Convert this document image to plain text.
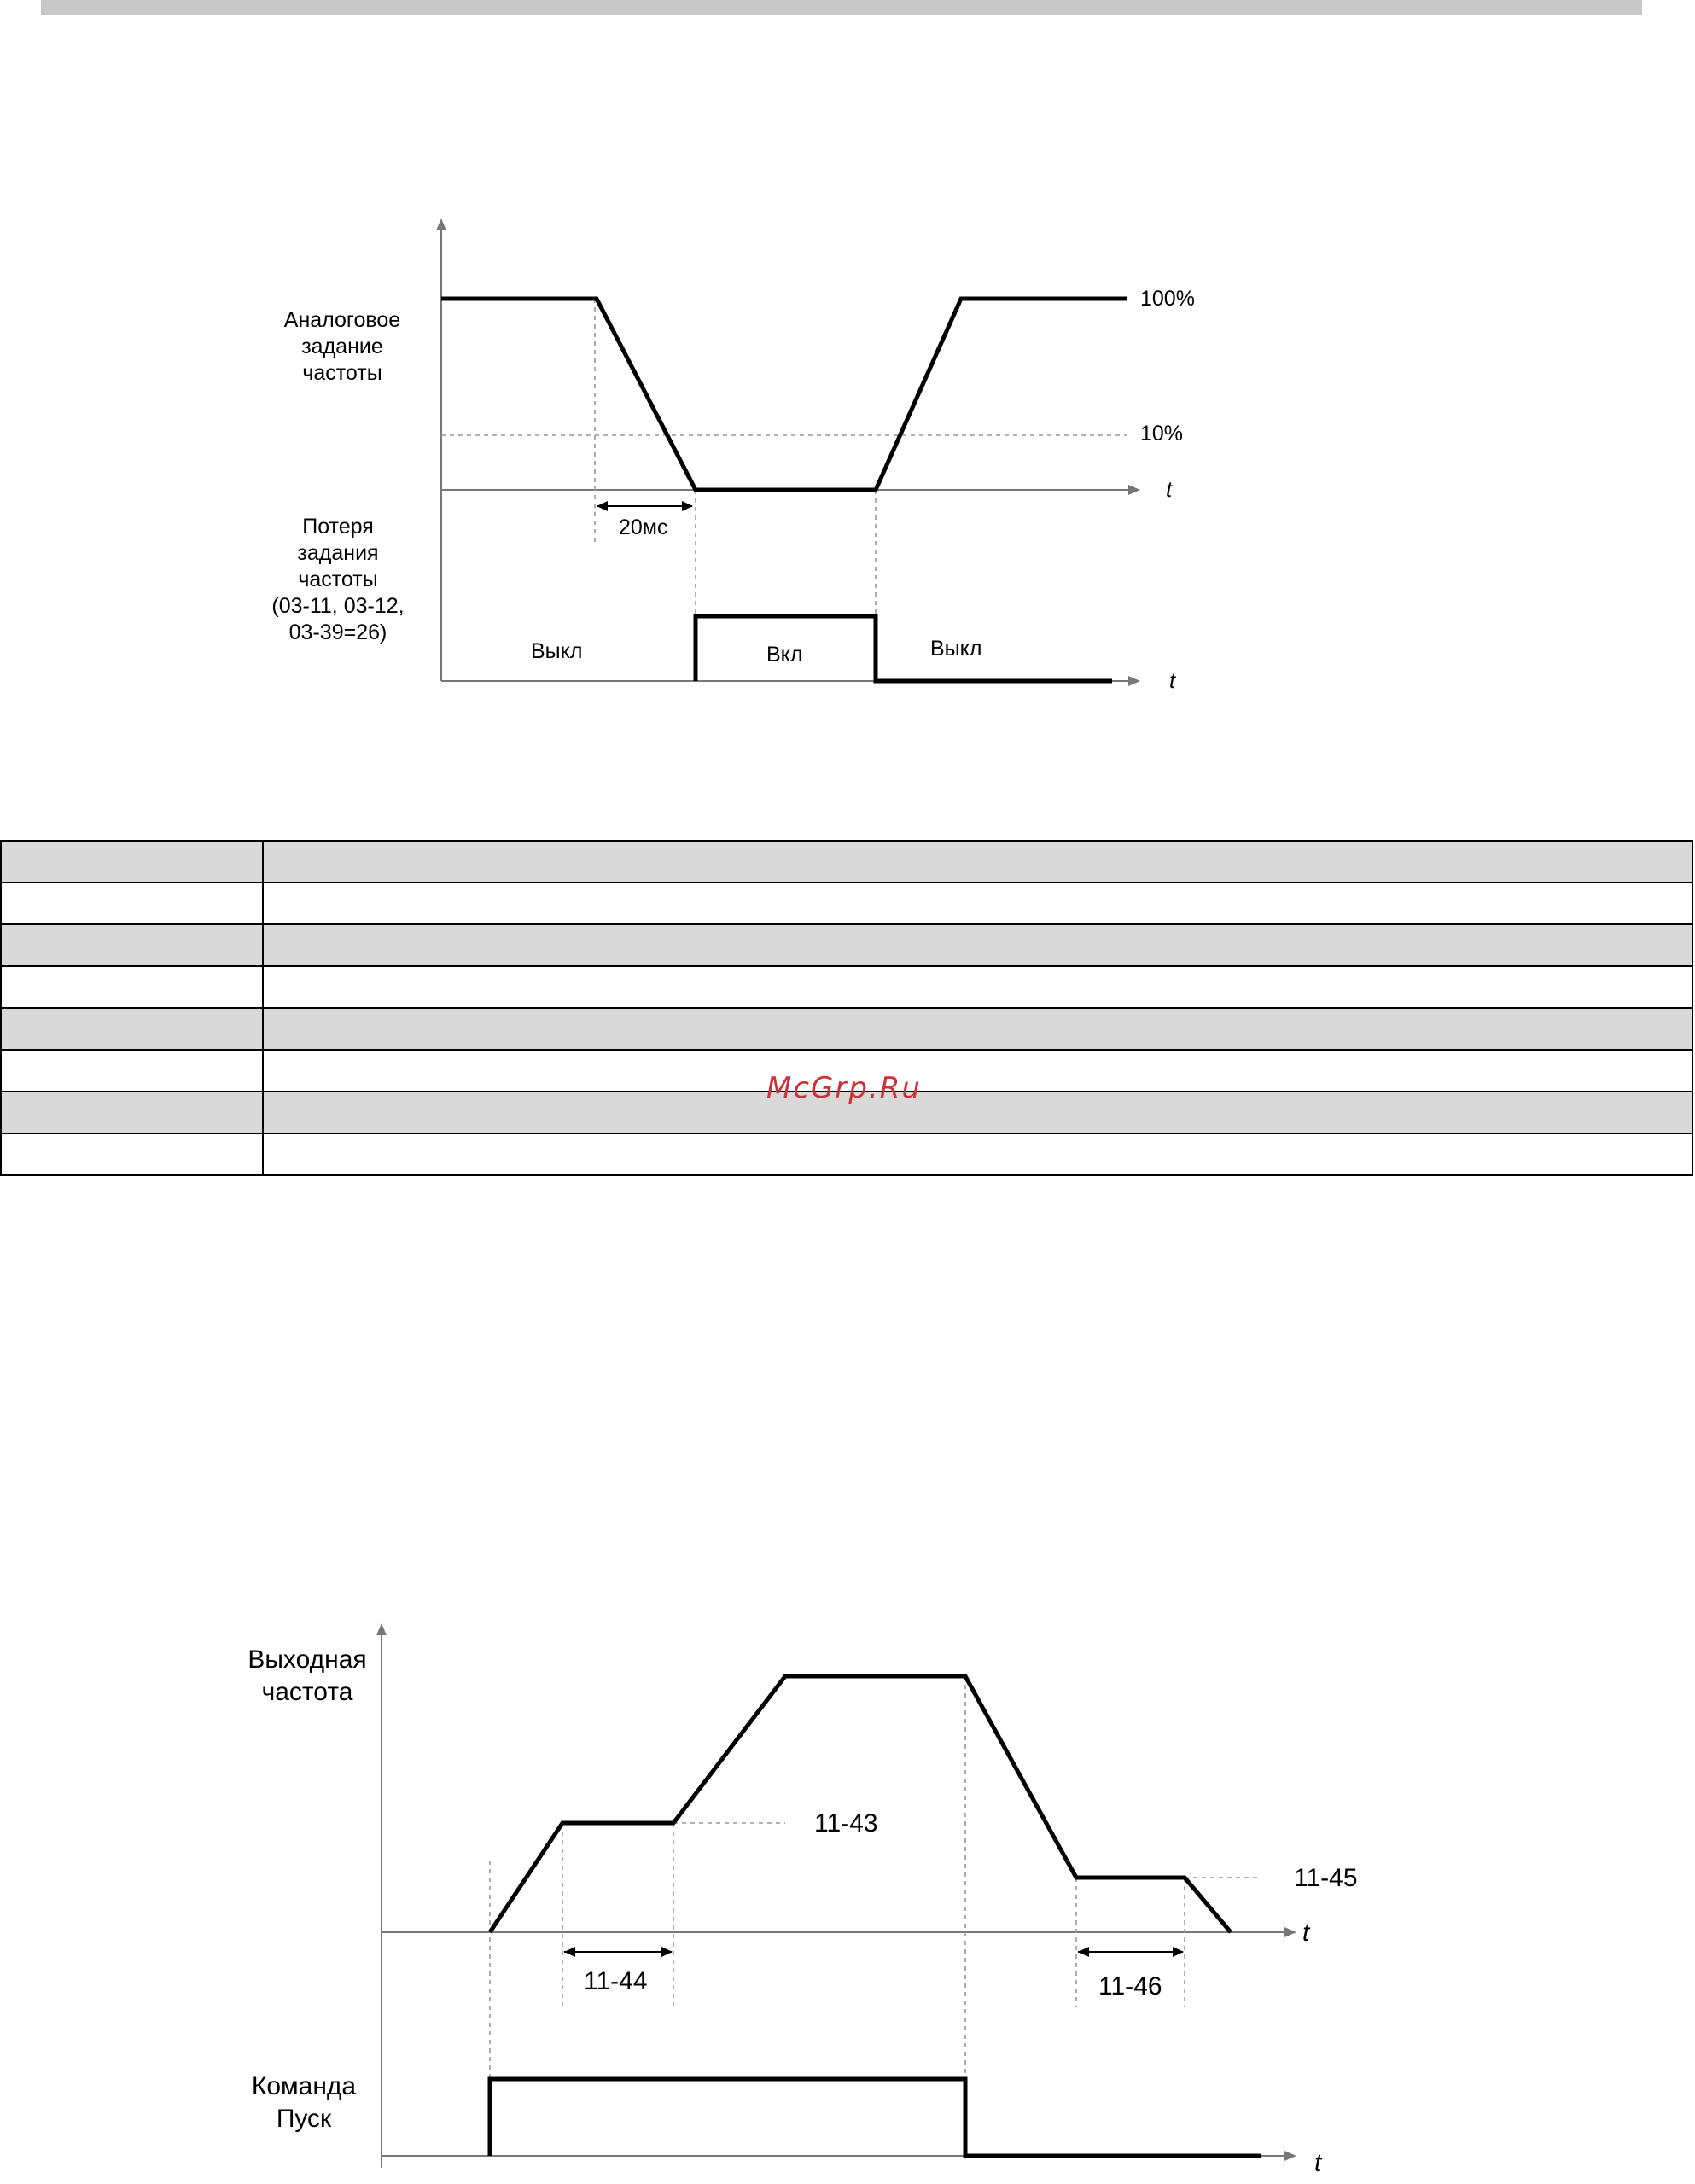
Аналоговое
задание
частоты
Потеря
задания
частоты
(03-11, 03-12,
03-39=26)
100%
10%
t
t
20мс
Выкл	Вкл	Выкл

McGrp.Ru
Выходная
частота
Команда
Пуск
11-43
11-44
11-45
11-46
t
t
